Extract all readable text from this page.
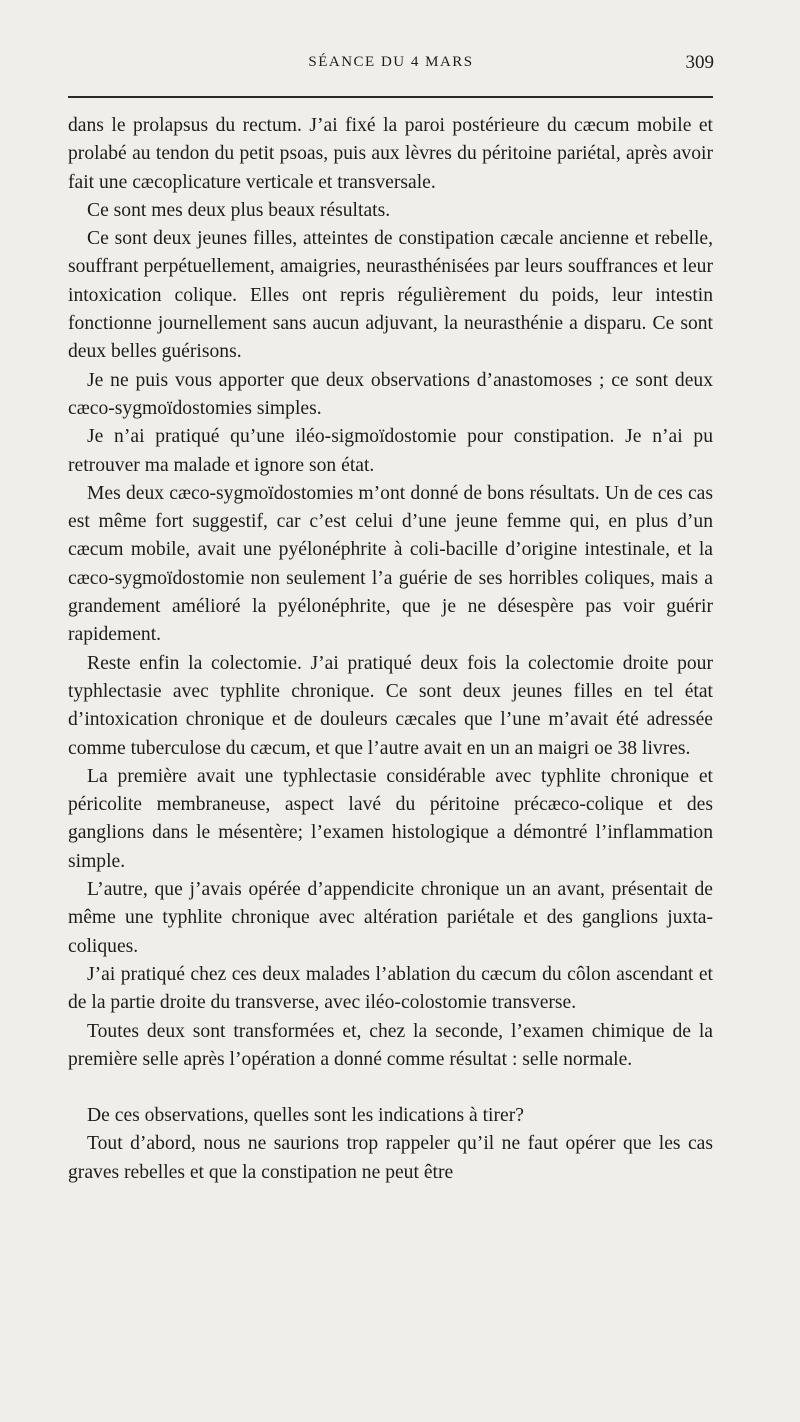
SÉANCE DU 4 MARS	309

dans le prolapsus du rectum. J’ai fixé la paroi postérieure du cæcum mobile et prolabé au tendon du petit psoas, puis aux lèvres du péritoine pariétal, après avoir fait une cæcoplicature verticale et transversale.

Ce sont mes deux plus beaux résultats.

Ce sont deux jeunes filles, atteintes de constipation cæcale ancienne et rebelle, souffrant perpétuellement, amaigries, neurasthénisées par leurs souffrances et leur intoxication colique. Elles ont repris régulièrement du poids, leur intestin fonctionne journellement sans aucun adjuvant, la neurasthénie a disparu. Ce sont deux belles guérisons.

Je ne puis vous apporter que deux observations d’anastomoses ; ce sont deux cæco-sygmoïdostomies simples.

Je n’ai pratiqué qu’une iléo-sigmoïdostomie pour constipation. Je n’ai pu retrouver ma malade et ignore son état.

Mes deux cæco-sygmoïdostomies m’ont donné de bons résultats. Un de ces cas est même fort suggestif, car c’est celui d’une jeune femme qui, en plus d’un cæcum mobile, avait une pyélonéphrite à coli-bacille d’origine intestinale, et la cæco-sygmoïdostomie non seulement l’a guérie de ses horribles coliques, mais a grandement amélioré la pyélonéphrite, que je ne désespère pas voir guérir rapidement.

Reste enfin la colectomie. J’ai pratiqué deux fois la colectomie droite pour typhlectasie avec typhlite chronique. Ce sont deux jeunes filles en tel état d’intoxication chronique et de douleurs cæcales que l’une m’avait été adressée comme tuberculose du cæcum, et que l’autre avait en un an maigri oe 38 livres.

La première avait une typhlectasie considérable avec typhlite chronique et péricolite membraneuse, aspect lavé du péritoine précæco-colique et des ganglions dans le mésentère; l’examen histologique a démontré l’inflammation simple.

L’autre, que j’avais opérée d’appendicite chronique un an avant, présentait de même une typhlite chronique avec altération pariétale et des ganglions juxta-coliques.

J’ai pratiqué chez ces deux malades l’ablation du cæcum du côlon ascendant et de la partie droite du transverse, avec iléo-colostomie transverse.

Toutes deux sont transformées et, chez la seconde, l’examen chimique de la première selle après l’opération a donné comme résultat : selle normale.

De ces observations, quelles sont les indications à tirer?

Tout d’abord, nous ne saurions trop rappeler qu’il ne faut opérer que les cas graves rebelles et que la constipation ne peut être
